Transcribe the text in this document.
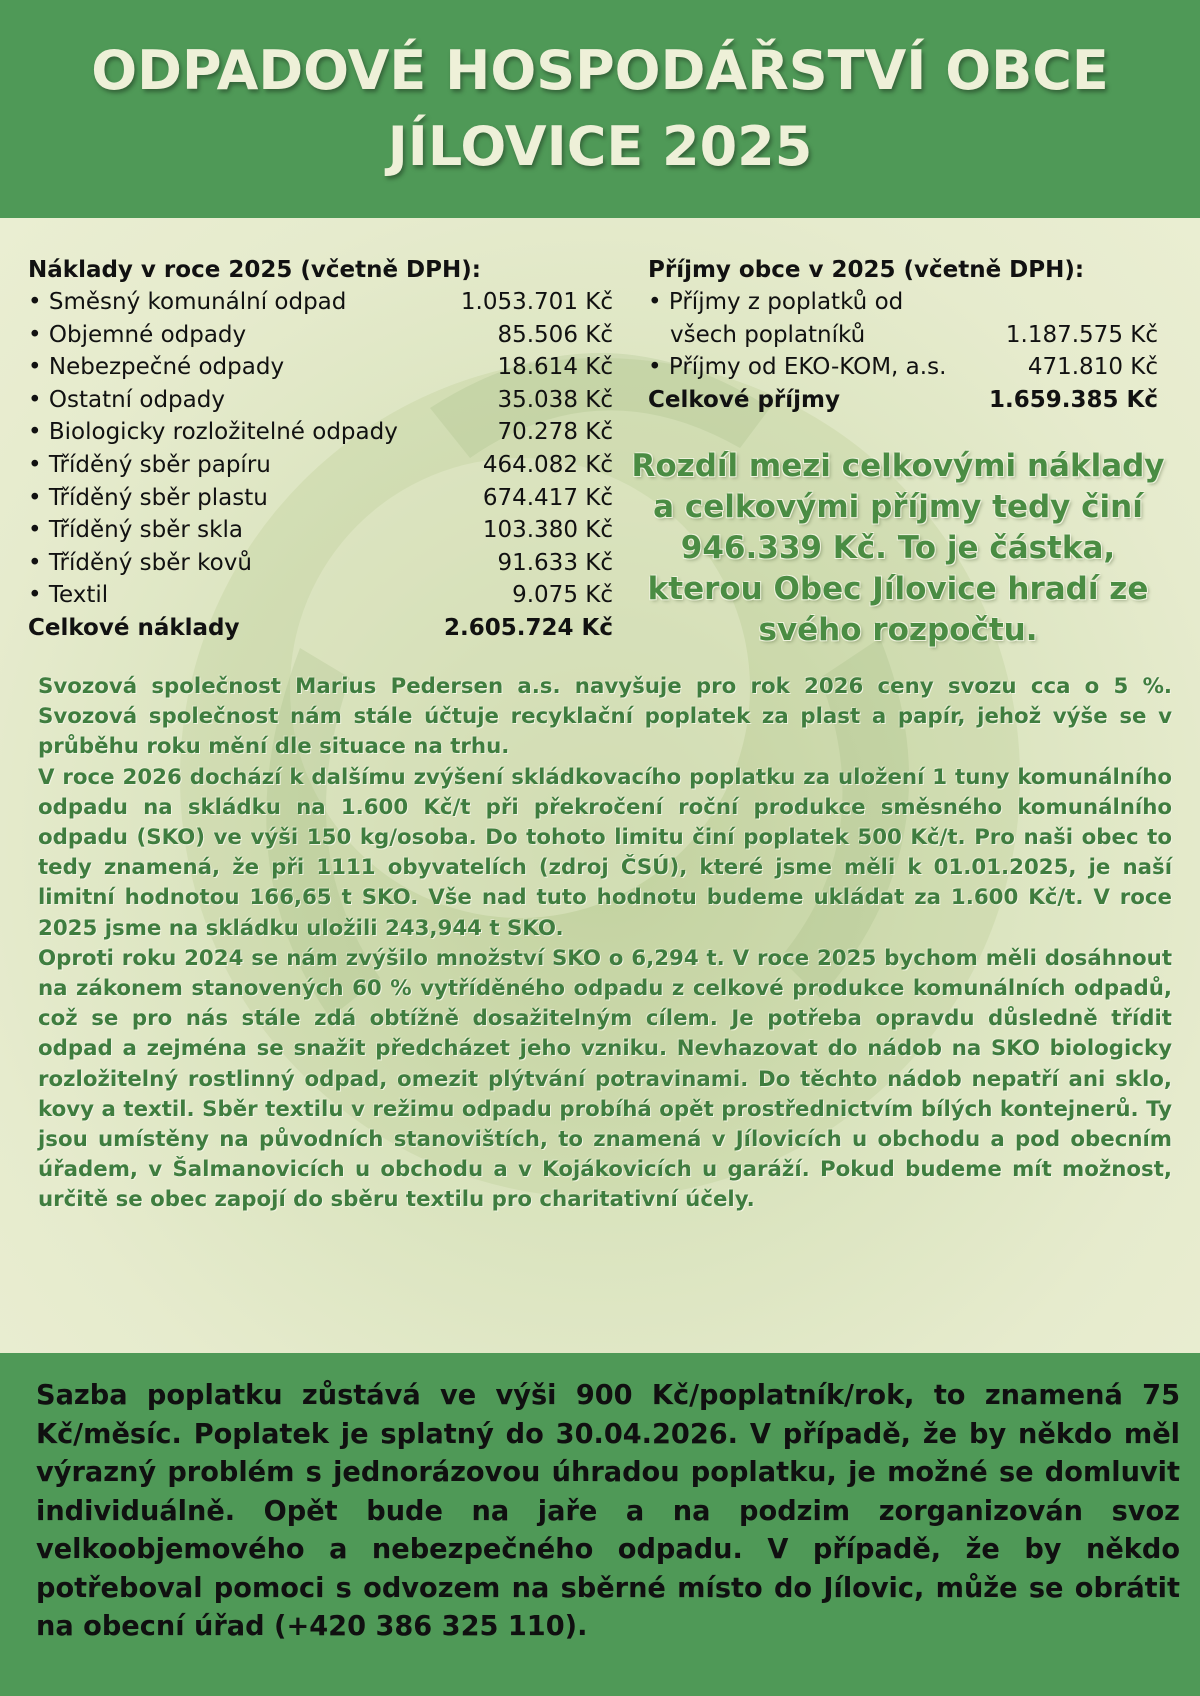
ODPADOVÉ HOSPODÁŘSTVÍ OBCE
JÍLOVICE 2025
Náklady v roce 2025 (včetně DPH):
• Směsný komunální odpad	1.053.701 Kč
• Objemné odpady	85.506 Kč
• Nebezpečné odpady	18.614 Kč
• Ostatní odpady	35.038 Kč
• Biologicky rozložitelné odpady	70.278 Kč
• Tříděný sběr papíru	464.082 Kč
• Tříděný sběr plastu	674.417 Kč
• Tříděný sběr skla	103.380 Kč
• Tříděný sběr kovů	91.633 Kč
• Textil	9.075 Kč
Celkové náklady	2.605.724 Kč
Příjmy obce v 2025 (včetně DPH):
• Příjmy z poplatků od
všech poplatníků	1.187.575 Kč
• Příjmy od EKO-KOM, a.s.	471.810 Kč
Celkové příjmy	1.659.385 Kč
Rozdíl mezi celkovými náklady
a celkovými příjmy tedy činí
946.339 Kč. To je částka,
kterou Obec Jílovice hradí ze
svého rozpočtu.

Svozová společnost Marius Pedersen a.s. navyšuje pro rok 2026 ceny svozu cca o 5 %. Svozová společnost nám stále účtuje recyklační poplatek za plast a papír, jehož výše se v průběhu roku mění dle situace na trhu.

V roce 2026 dochází k dalšímu zvýšení skládkovacího poplatku za uložení 1 tuny komunálního odpadu na skládku na 1.600 Kč/t při překročení roční produkce směsného komunálního odpadu (SKO) ve výši 150 kg/osoba. Do tohoto limitu činí poplatek 500 Kč/t. Pro naši obec to tedy znamená, že při 1111 obyvatelích (zdroj ČSÚ), které jsme měli k 01.01.2025, je naší limitní hodnotou 166,65 t SKO. Vše nad tuto hodnotu budeme ukládat za 1.600 Kč/t. V roce 2025 jsme na skládku uložili 243,944 t SKO.

Oproti roku 2024 se nám zvýšilo množství SKO o 6,294 t. V roce 2025 bychom měli dosáhnout na zákonem stanovených 60 % vytříděného odpadu z celkové produkce komunálních odpadů, což se pro nás stále zdá obtížně dosažitelným cílem. Je potřeba opravdu důsledně třídit odpad a zejména se snažit předcházet jeho vzniku. Nevhazovat do nádob na SKO biologicky rozložitelný rostlinný odpad, omezit plýtvání potravinami. Do těchto nádob nepatří ani sklo, kovy a textil. Sběr textilu v režimu odpadu probíhá opět prostřednictvím bílých kontejnerů. Ty jsou umístěny na původních stanovištích, to znamená v Jílovicích u obchodu a pod obecním úřadem, v Šalmanovicích u obchodu a v Kojákovicích u garáží. Pokud budeme mít možnost, určitě se obec zapojí do sběru textilu pro charitativní účely.

Sazba poplatku zůstává ve výši 900 Kč/poplatník/rok, to znamená 75 Kč/měsíc. Poplatek je splatný do 30.04.2026. V případě, že by někdo měl výrazný problém s jednorázovou úhradou poplatku, je možné se domluvit individuálně. Opět bude na jaře a na podzim zorganizován svoz velkoobjemového a nebezpečného odpadu. V případě, že by někdo potřeboval pomoci s odvozem na sběrné místo do Jílovic, může se obrátit na obecní úřad (+420 386 325 110).
